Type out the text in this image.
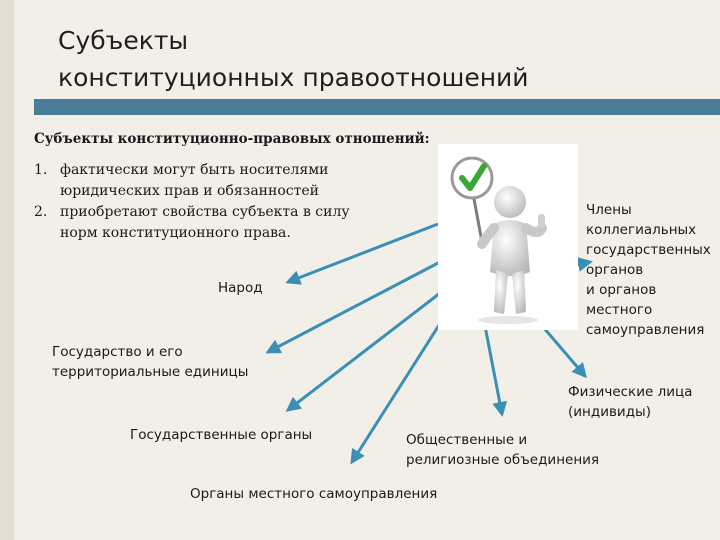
Субъекты
конституционных правоотношений
Субъекты конституционно-правовых отношений:
1. фактически могут быть носителями
юридических прав и обязанностей
2. приобретают свойства субъекта в силу
норм конституционного права.
Народ
Государство и его
территориальные единицы
Государственные органы
Органы местного самоуправления
Общественные и
религиозные объединения
Физические лица
(индивиды)
Члены
коллегиальных
государственных
органов
и органов
местного
самоуправления
